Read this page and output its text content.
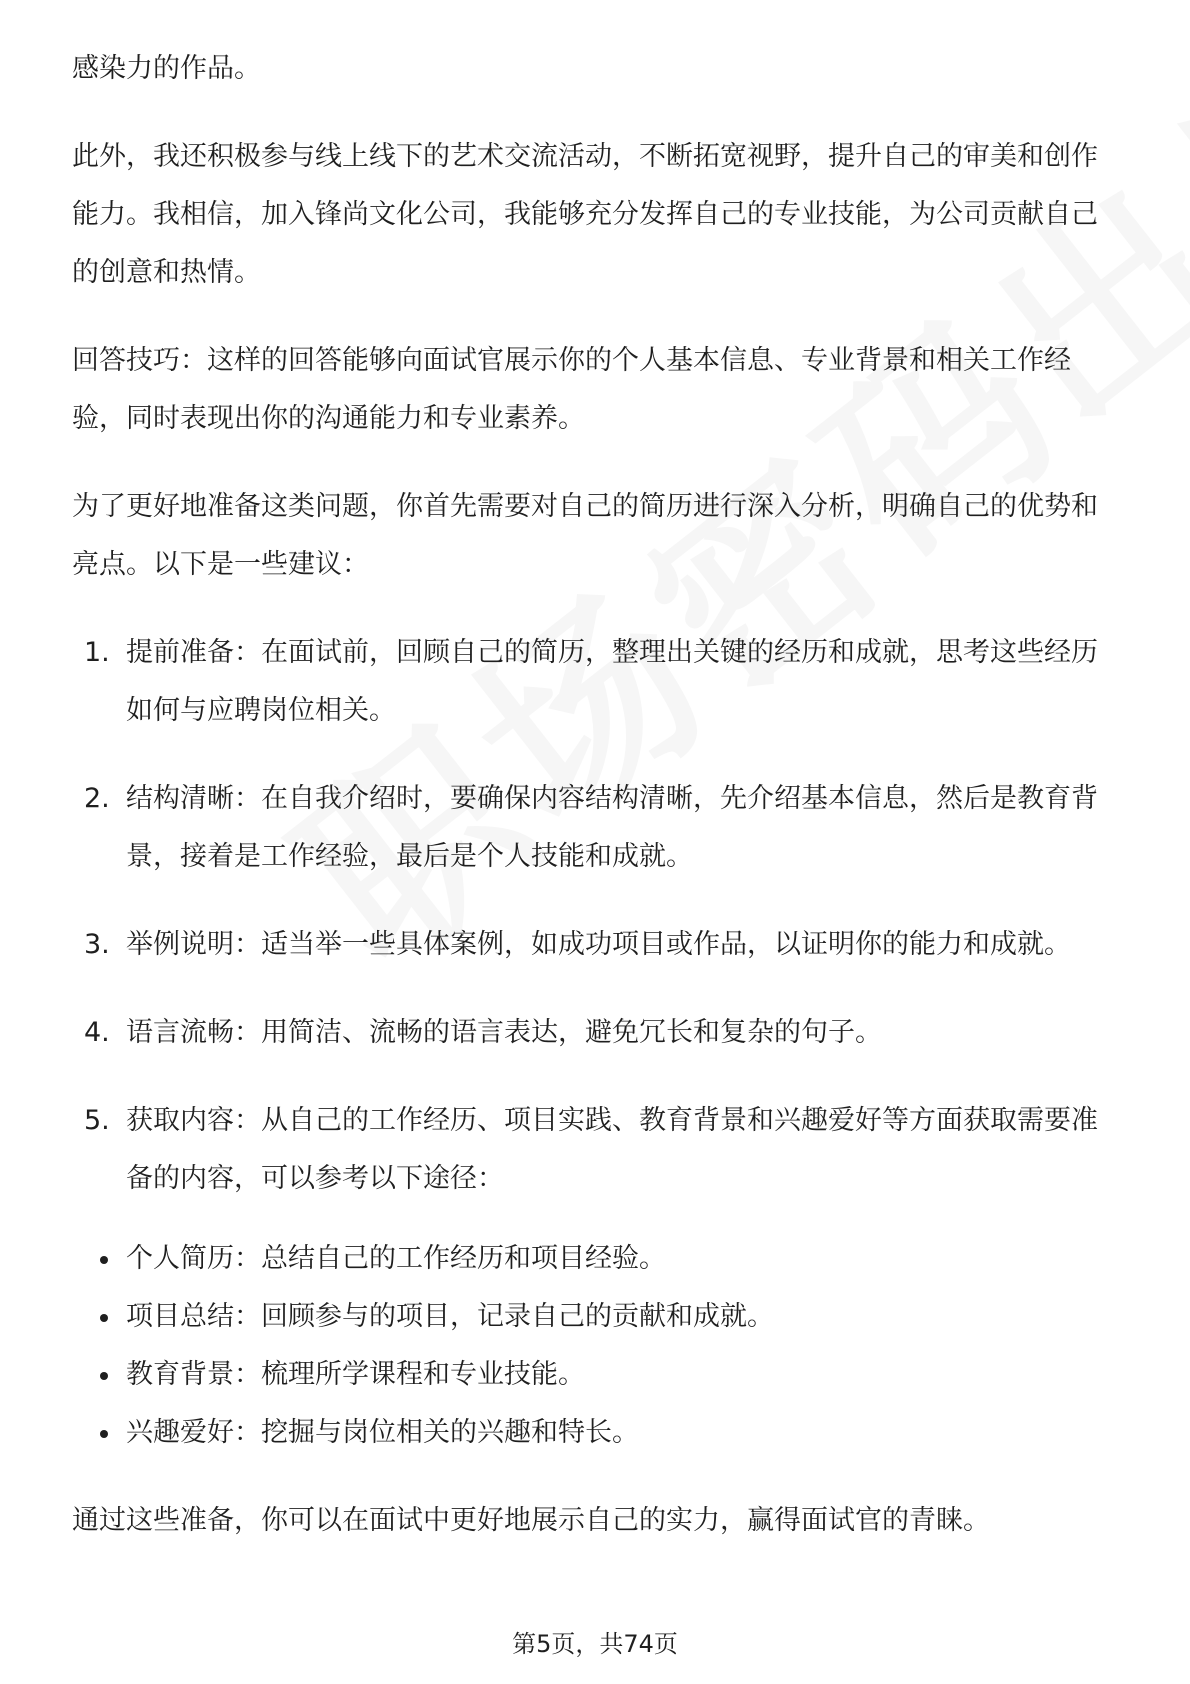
感染力的作品。

此外，我还积极参与线上线下的艺术交流活动，不断拓宽视野，提升自己的审美和创作能力。我相信，加入锋尚文化公司，我能够充分发挥自己的专业技能，为公司贡献自己的创意和热情。

回答技巧：这样的回答能够向面试官展示你的个人基本信息、专业背景和相关工作经验，同时表现出你的沟通能力和专业素养。

为了更好地准备这类问题，你首先需要对自己的简历进行深入分析，明确自己的优势和亮点。以下是一些建议：

1. 提前准备：在面试前，回顾自己的简历，整理出关键的经历和成就，思考这些经历如何与应聘岗位相关。
2. 结构清晰：在自我介绍时，要确保内容结构清晰，先介绍基本信息，然后是教育背景，接着是工作经验，最后是个人技能和成就。
3. 举例说明：适当举一些具体案例，如成功项目或作品，以证明你的能力和成就。
4. 语言流畅：用简洁、流畅的语言表达，避免冗长和复杂的句子。
5. 获取内容：从自己的工作经历、项目实践、教育背景和兴趣爱好等方面获取需要准备的内容，可以参考以下途径：
个人简历：总结自己的工作经历和项目经验。
项目总结：回顾参与的项目，记录自己的贡献和成就。
教育背景：梳理所学课程和专业技能。
兴趣爱好：挖掘与岗位相关的兴趣和特长。

通过这些准备，你可以在面试中更好地展示自己的实力，赢得面试官的青睐。

第5页，共74页
